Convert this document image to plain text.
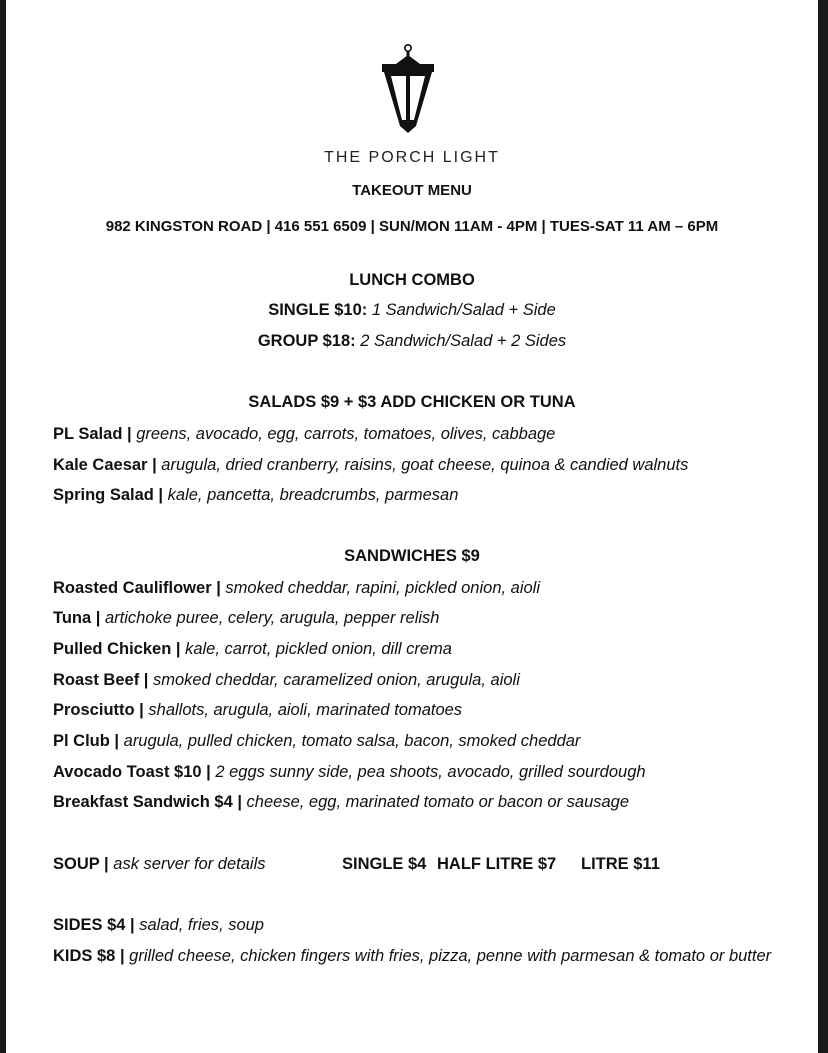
THE PORCH LIGHT
TAKEOUT MENU
982 KINGSTON ROAD | 416 551 6509 | SUN/MON 11AM - 4PM | TUES-SAT 11 AM – 6PM
LUNCH COMBO
SINGLE $10: 1 Sandwich/Salad + Side
GROUP $18: 2 Sandwich/Salad + 2 Sides
SALADS $9 + $3 ADD CHICKEN OR TUNA
PL Salad | greens, avocado, egg, carrots, tomatoes, olives, cabbage
Kale Caesar | arugula, dried cranberry, raisins, goat cheese, quinoa & candied walnuts
Spring Salad | kale, pancetta, breadcrumbs, parmesan
SANDWICHES $9
Roasted Cauliflower | smoked cheddar, rapini, pickled onion, aioli
Tuna | artichoke puree, celery, arugula, pepper relish
Pulled Chicken | kale, carrot, pickled onion, dill crema
Roast Beef | smoked cheddar, caramelized onion, arugula, aioli
Prosciutto | shallots, arugula, aioli, marinated tomatoes
Pl Club | arugula, pulled chicken, tomato salsa, bacon, smoked cheddar
Avocado Toast $10 | 2 eggs sunny side, pea shoots, avocado, grilled sourdough
Breakfast Sandwich $4 | cheese, egg, marinated tomato or bacon or sausage
SOUP | ask server for details	SINGLE $4 HALF LITRE $7 LITRE $11
SIDES $4 | salad, fries, soup
KIDS $8 | grilled cheese, chicken fingers with fries, pizza, penne with parmesan & tomato or butter
